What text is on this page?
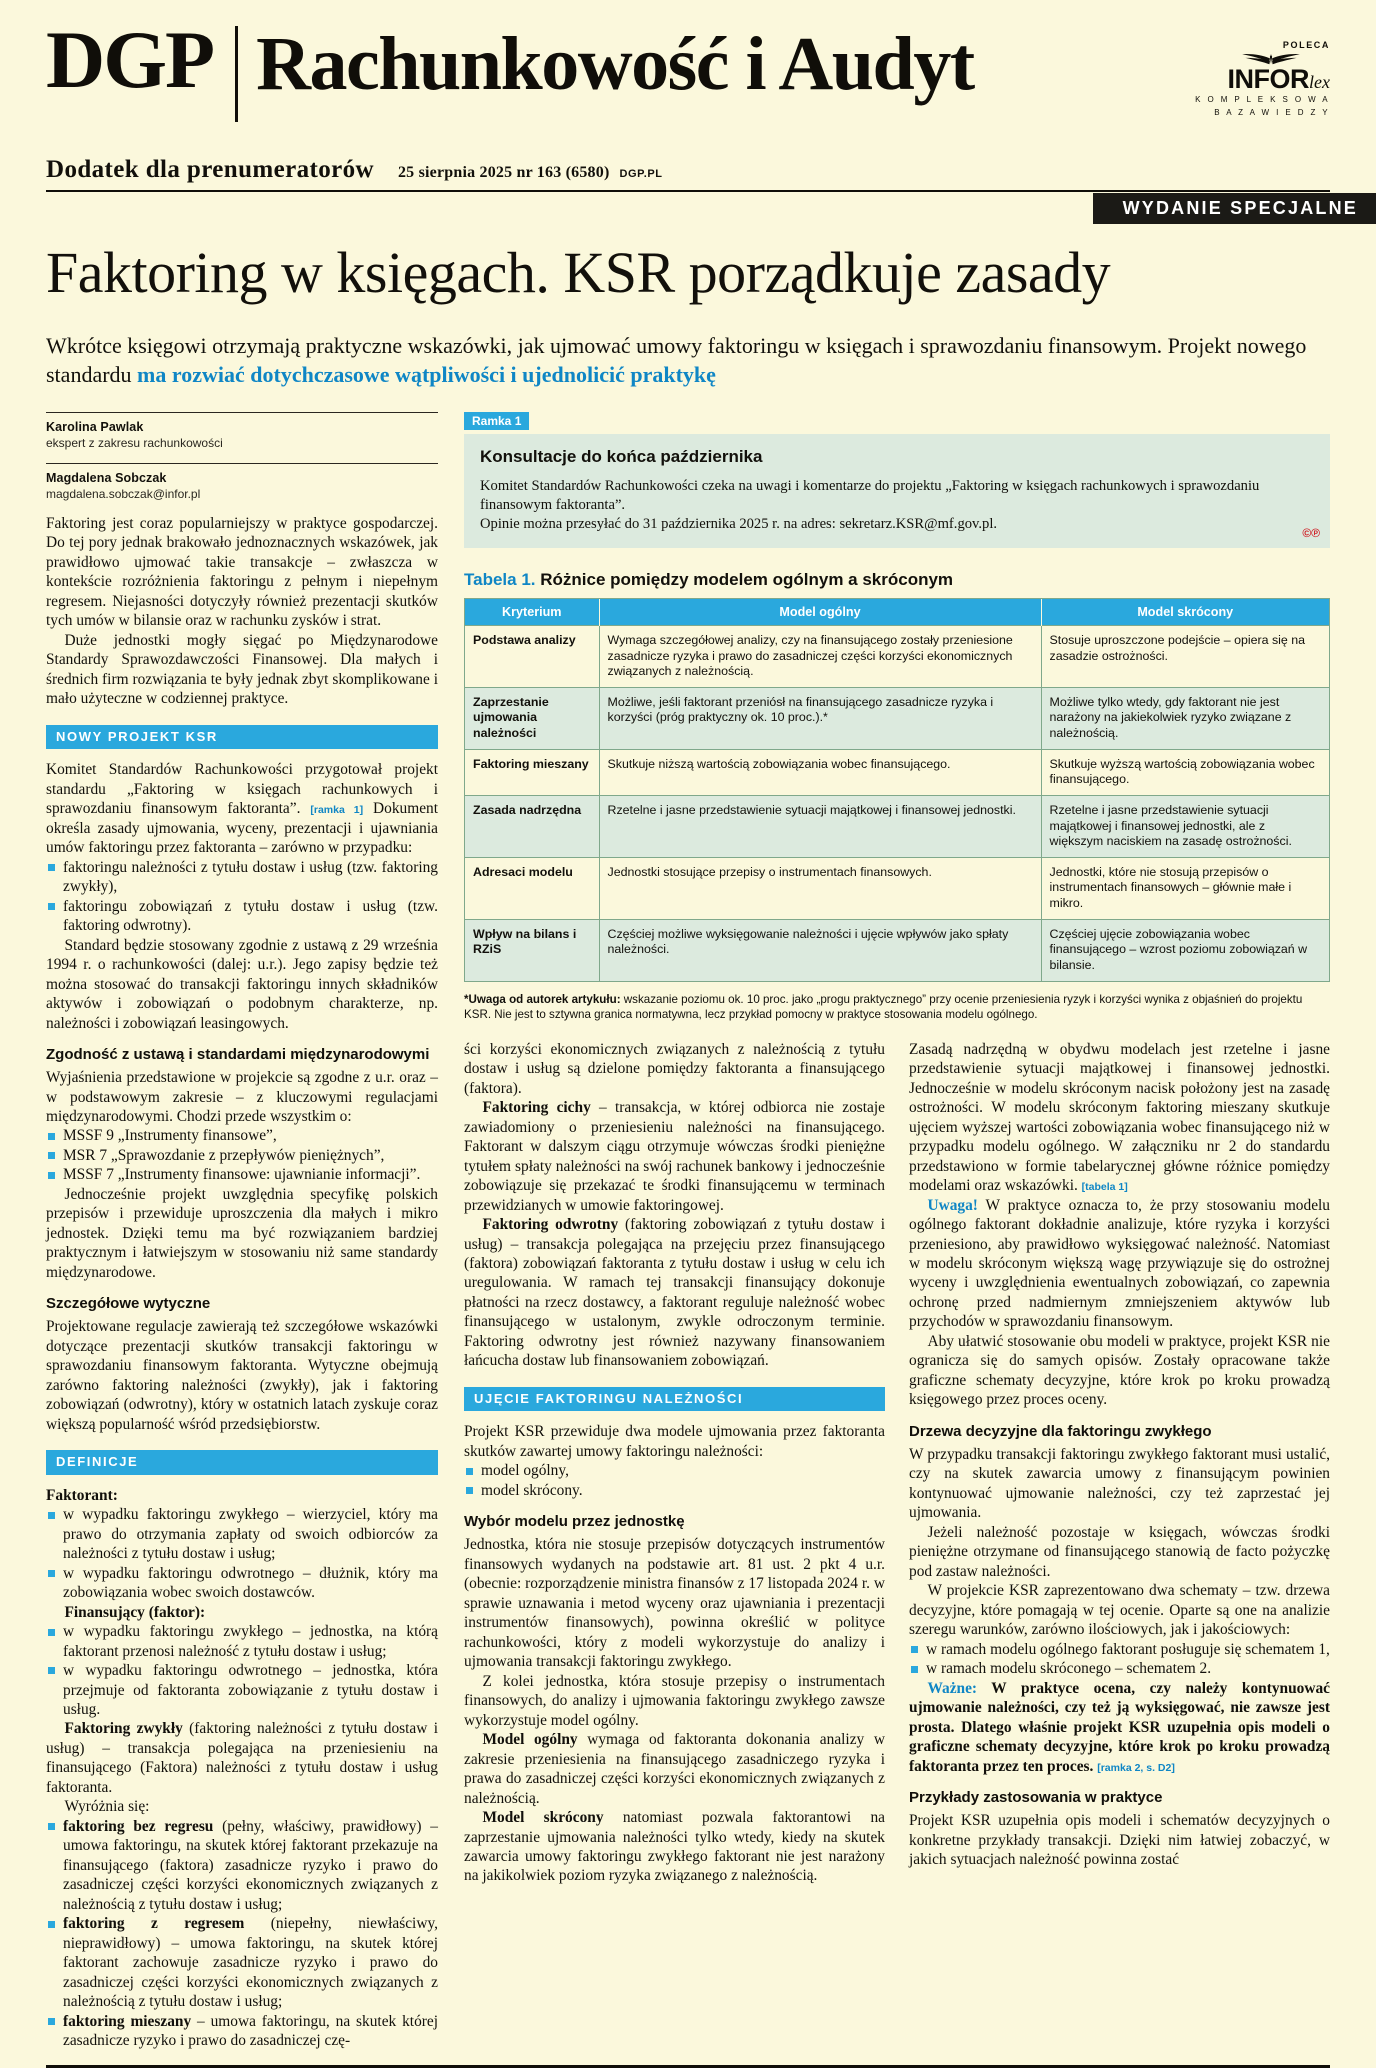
DGP Rachunkowość i Audyt	POLECA
INFORlex
K O M P L E K S O W A
B A Z A W I E D Z Y
Dodatek dla prenumeratorów 25 sierpnia 2025 nr 163 (6580) DGP.PL
WYDANIE SPECJALNE
Faktoring w księgach. KSR porządkuje zasady
Wkrótce księgowi otrzymają praktyczne wskazówki, jak ujmować umowy faktoringu w księgach i sprawozdaniu finansowym. Projekt nowego standardu ma rozwiać dotychczasowe wątpliwości i ujednolicić praktykę
Karolina Pawlak
ekspert z zakresu rachunkowości
Magdalena Sobczak
magdalena.sobczak@infor.pl

Faktoring jest coraz popularniejszy w praktyce gospodarczej. Do tej pory jednak brakowało jednoznacznych wskazówek, jak prawidłowo ujmować takie transakcje – zwłaszcza w kontekście rozróżnienia faktoringu z pełnym i niepełnym regresem. Niejasności dotyczyły również prezentacji skutków tych umów w bilansie oraz w rachunku zysków i strat.

Duże jednostki mogły sięgać po Międzynarodowe Standardy Sprawozdawczości Finansowej. Dla małych i średnich firm rozwiązania te były jednak zbyt skomplikowane i mało użyteczne w codziennej praktyce.

NOWY PROJEKT KSR

Komitet Standardów Rachunkowości przygotował projekt standardu „Faktoring w księgach rachunkowych i sprawozdaniu finansowym faktoranta”. [ramka 1] Dokument określa zasady ujmowania, wyceny, prezentacji i ujawniania umów faktoringu przez faktoranta – zarówno w przypadku:

faktoringu należności z tytułu dostaw i usług (tzw. faktoring zwykły),
faktoringu zobowiązań z tytułu dostaw i usług (tzw. faktoring odwrotny).

Standard będzie stosowany zgodnie z ustawą z 29 września 1994 r. o rachunkowości (dalej: u.r.). Jego zapisy będzie też można stosować do transakcji faktoringu innych składników aktywów i zobowiązań o podobnym charakterze, np. należności i zobowiązań leasingowych.

Zgodność z ustawą i standardami międzynarodowymi

Wyjaśnienia przedstawione w projekcie są zgodne z u.r. oraz – w podstawowym zakresie – z kluczowymi regulacjami międzynarodowymi. Chodzi przede wszystkim o:

MSSF 9 „Instrumenty finansowe”,
MSR 7 „Sprawozdanie z przepływów pieniężnych”,
MSSF 7 „Instrumenty finansowe: ujawnianie informacji”.

Jednocześnie projekt uwzględnia specyfikę polskich przepisów i przewiduje uproszczenia dla małych i mikro jednostek. Dzięki temu ma być rozwiązaniem bardziej praktycznym i łatwiejszym w stosowaniu niż same standardy międzynarodowe.

Szczegółowe wytyczne

Projektowane regulacje zawierają też szczegółowe wskazówki dotyczące prezentacji skutków transakcji faktoringu w sprawozdaniu finansowym faktoranta. Wytyczne obejmują zarówno faktoring należności (zwykły), jak i faktoring zobowiązań (odwrotny), który w ostatnich latach zyskuje coraz większą popularność wśród przedsiębiorstw.

DEFINICJE

Faktorant:

w wypadku faktoringu zwykłego – wierzyciel, który ma prawo do otrzymania zapłaty od swoich odbiorców za należności z tytułu dostaw i usług;
w wypadku faktoringu odwrotnego – dłużnik, który ma zobowiązania wobec swoich dostawców.

Finansujący (faktor):

w wypadku faktoringu zwykłego – jednostka, na którą faktorant przenosi należność z tytułu dostaw i usług;
w wypadku faktoringu odwrotnego – jednostka, która przejmuje od faktoranta zobowiązanie z tytułu dostaw i usług.

Faktoring zwykły (faktoring należności z tytułu dostaw i usług) – transakcja polegająca na przeniesieniu na finansującego (Faktora) należności z tytułu dostaw i usług faktoranta.

Wyróżnia się:

faktoring bez regresu (pełny, właściwy, prawidłowy) – umowa faktoringu, na skutek której faktorant przekazuje na finansującego (faktora) zasadnicze ryzyko i prawo do zasadniczej części korzyści ekonomicznych związanych z należnością z tytułu dostaw i usług;
faktoring z regresem (niepełny, niewłaściwy, nieprawidłowy) – umowa faktoringu, na skutek której faktorant zachowuje zasadnicze ryzyko i prawo do zasadniczej części korzyści ekonomicznych związanych z należnością z tytułu dostaw i usług;
faktoring mieszany – umowa faktoringu, na skutek której zasadnicze ryzyko i prawo do zasadniczej czę-
Ramka 1
Konsultacje do końca października

Komitet Standardów Rachunkowości czeka na uwagi i komentarze do projektu „Faktoring w księgach rachunkowych i sprawozdaniu finansowym faktoranta”.

Opinie można przesyłać do 31 października 2025 r. na adres: sekretarz.KSR@mf.gov.pl.

©℗
Tabela 1. Różnice pomiędzy modelem ogólnym a skróconym
Kryterium	Model ogólny	Model skrócony
Podstawa analizy	Wymaga szczegółowej analizy, czy na finansującego zostały przeniesione zasadnicze ryzyka i prawo do zasadniczej części korzyści ekonomicznych związanych z należnością.	Stosuje uproszczone podejście – opiera się na zasadzie ostrożności.
Zaprzestanie ujmowania należności	Możliwe, jeśli faktorant przeniósł na finansującego zasadnicze ryzyka i korzyści (próg praktyczny ok. 10 proc.).*	Możliwe tylko wtedy, gdy faktorant nie jest narażony na jakiekolwiek ryzyko związane z należnością.
Faktoring mieszany	Skutkuje niższą wartością zobowiązania wobec finansującego.	Skutkuje wyższą wartością zobowiązania wobec finansującego.
Zasada nadrzędna	Rzetelne i jasne przedstawienie sytuacji majątkowej i finansowej jednostki.	Rzetelne i jasne przedstawienie sytuacji majątkowej i finansowej jednostki, ale z większym naciskiem na zasadę ostrożności.
Adresaci modelu	Jednostki stosujące przepisy o instrumentach finansowych.	Jednostki, które nie stosują przepisów o instrumentach finansowych – głównie małe i mikro.
Wpływ na bilans i RZiS	Częściej możliwe wyksięgowanie należności i ujęcie wpływów jako spłaty należności.	Częściej ujęcie zobowiązania wobec finansującego – wzrost poziomu zobowiązań w bilansie.
*Uwaga od autorek artykułu: wskazanie poziomu ok. 10 proc. jako „progu praktycznego” przy ocenie przeniesienia ryzyk i korzyści wynika z objaśnień do projektu KSR. Nie jest to sztywna granica normatywna, lecz przykład pomocny w praktyce stosowania modelu ogólnego.

ści korzyści ekonomicznych związanych z należnością z tytułu dostaw i usług są dzielone pomiędzy faktoranta a finansującego (faktora).

Faktoring cichy – transakcja, w której odbiorca nie zostaje zawiadomiony o przeniesieniu należności na finansującego. Faktorant w dalszym ciągu otrzymuje wówczas środki pieniężne tytułem spłaty należności na swój rachunek bankowy i jednocześnie zobowiązuje się przekazać te środki finansującemu w terminach przewidzianych w umowie faktoringowej.

Faktoring odwrotny (faktoring zobowiązań z tytułu dostaw i usług) – transakcja polegająca na przejęciu przez finansującego (faktora) zobowiązań faktoranta z tytułu dostaw i usług w celu ich uregulowania. W ramach tej transakcji finansujący dokonuje płatności na rzecz dostawcy, a faktorant reguluje należność wobec finansującego w ustalonym, zwykle odroczonym terminie. Faktoring odwrotny jest również nazywany finansowaniem łańcucha dostaw lub finansowaniem zobowiązań.

UJĘCIE FAKTORINGU NALEŻNOŚCI

Projekt KSR przewiduje dwa modele ujmowania przez faktoranta skutków zawartej umowy faktoringu należności:

model ogólny,
model skrócony.
Wybór modelu przez jednostkę

Jednostka, która nie stosuje przepisów dotyczących instrumentów finansowych wydanych na podstawie art. 81 ust. 2 pkt 4 u.r. (obecnie: rozporządzenie ministra finansów z 17 listopada 2024 r. w sprawie uznawania i metod wyceny oraz ujawniania i prezentacji instrumentów finansowych), powinna określić w polityce rachunkowości, który z modeli wykorzystuje do analizy i ujmowania transakcji faktoringu zwykłego.

Z kolei jednostka, która stosuje przepisy o instrumentach finansowych, do analizy i ujmowania faktoringu zwykłego zawsze wykorzystuje model ogólny.

Model ogólny wymaga od faktoranta dokonania analizy w zakresie przeniesienia na finansującego zasadniczego ryzyka i prawa do zasadniczej części korzyści ekonomicznych związanych z należnością.

Model skrócony natomiast pozwala faktorantowi na zaprzestanie ujmowania należności tylko wtedy, kiedy na skutek zawarcia umowy faktoringu zwykłego faktorant nie jest narażony na jakikolwiek poziom ryzyka związanego z należnością.

Zasadą nadrzędną w obydwu modelach jest rzetelne i jasne przedstawienie sytuacji majątkowej i finansowej jednostki. Jednocześnie w modelu skróconym nacisk położony jest na zasadę ostrożności. W modelu skróconym faktoring mieszany skutkuje ujęciem wyższej wartości zobowiązania wobec finansującego niż w przypadku modelu ogólnego. W załączniku nr 2 do standardu przedstawiono w formie tabelarycznej główne różnice pomiędzy modelami oraz wskazówki. [tabela 1]

Uwaga! W praktyce oznacza to, że przy stosowaniu modelu ogólnego faktorant dokładnie analizuje, które ryzyka i korzyści przeniesiono, aby prawidłowo wyksięgować należność. Natomiast w modelu skróconym większą wagę przywiązuje się do ostrożnej wyceny i uwzględnienia ewentualnych zobowiązań, co zapewnia ochronę przed nadmiernym zmniejszeniem aktywów lub przychodów w sprawozdaniu finansowym.

Aby ułatwić stosowanie obu modeli w praktyce, projekt KSR nie ogranicza się do samych opisów. Zostały opracowane także graficzne schematy decyzyjne, które krok po kroku prowadzą księgowego przez proces oceny.

Drzewa decyzyjne dla faktoringu zwykłego

W przypadku transakcji faktoringu zwykłego faktorant musi ustalić, czy na skutek zawarcia umowy z finansującym powinien kontynuować ujmowanie należności, czy też zaprzestać jej ujmowania.

Jeżeli należność pozostaje w księgach, wówczas środki pieniężne otrzymane od finansującego stanowią de facto pożyczkę pod zastaw należności.

W projekcie KSR zaprezentowano dwa schematy – tzw. drzewa decyzyjne, które pomagają w tej ocenie. Oparte są one na analizie szeregu warunków, zarówno ilościowych, jak i jakościowych:

w ramach modelu ogólnego faktorant posługuje się schematem 1,
w ramach modelu skróconego – schematem 2.

Ważne: W praktyce ocena, czy należy kontynuować ujmowanie należności, czy też ją wyksięgować, nie zawsze jest prosta. Dlatego właśnie projekt KSR uzupełnia opis modeli o graficzne schematy decyzyjne, które krok po kroku prowadzą faktoranta przez ten proces. [ramka 2, s. D2]

Przykłady zastosowania w praktyce

Projekt KSR uzupełnia opis modeli i schematów decyzyjnych o konkretne przykłady transakcji. Dzięki nim łatwiej zobaczyć, w jakich sytuacjach należność powinna zostać
